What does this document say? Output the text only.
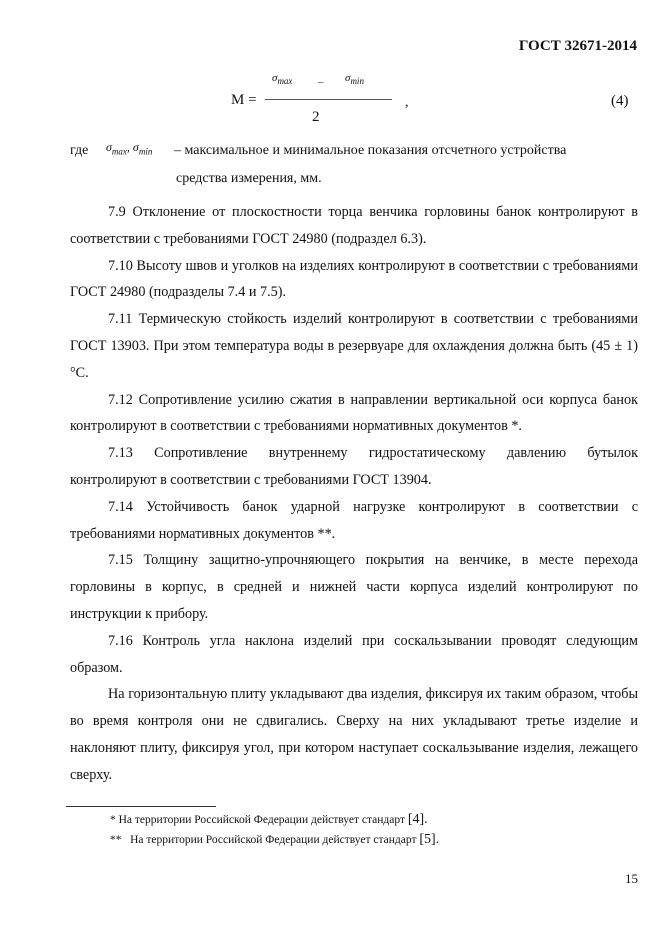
ГОСТ 32671-2014
M =
$\sigma_{max} - \sigma_{min}$
2
,	(4)
где $\sigma_{max}$, $\sigma_{min}$ – максимальное и минимальное показания отсчетного устройства
средства измерения, мм.

7.9 Отклонение от плоскостности торца венчика горловины банок контролируют в соответствии с требованиями ГОСТ 24980 (подраздел 6.3).

7.10 Высоту швов и уголков на изделиях контролируют в соответствии с требованиями ГОСТ 24980 (подразделы 7.4 и 7.5).

7.11 Термическую стойкость изделий контролируют в соответствии с требованиями ГОСТ 13903. При этом температура воды в резервуаре для охлаждения должна быть (45 ± 1) °С.

7.12 Сопротивление усилию сжатия в направлении вертикальной оси корпуса банок контролируют в соответствии с требованиями нормативных документов *.

7.13 Сопротивление внутреннему гидростатическому давлению бутылок контролируют в соответствии с требованиями ГОСТ 13904.

7.14 Устойчивость банок ударной нагрузке контролируют в соответствии с требованиями нормативных документов **.

7.15 Толщину защитно-упрочняющего покрытия на венчике, в месте перехода горловины в корпус, в средней и нижней части корпуса изделий контролируют по инструкции к прибору.

7.16 Контроль угла наклона изделий при соскальзывании проводят следующим образом.

На горизонтальную плиту укладывают два изделия, фиксируя их таким образом, чтобы во время контроля они не сдвигались. Сверху на них укладывают третье изделие и наклоняют плиту, фиксируя угол, при котором наступает соскальзывание изделия, лежащего сверху.

* На территории Российской Федерации действует стандарт [4].
** На территории Российской Федерации действует стандарт [5].
15
